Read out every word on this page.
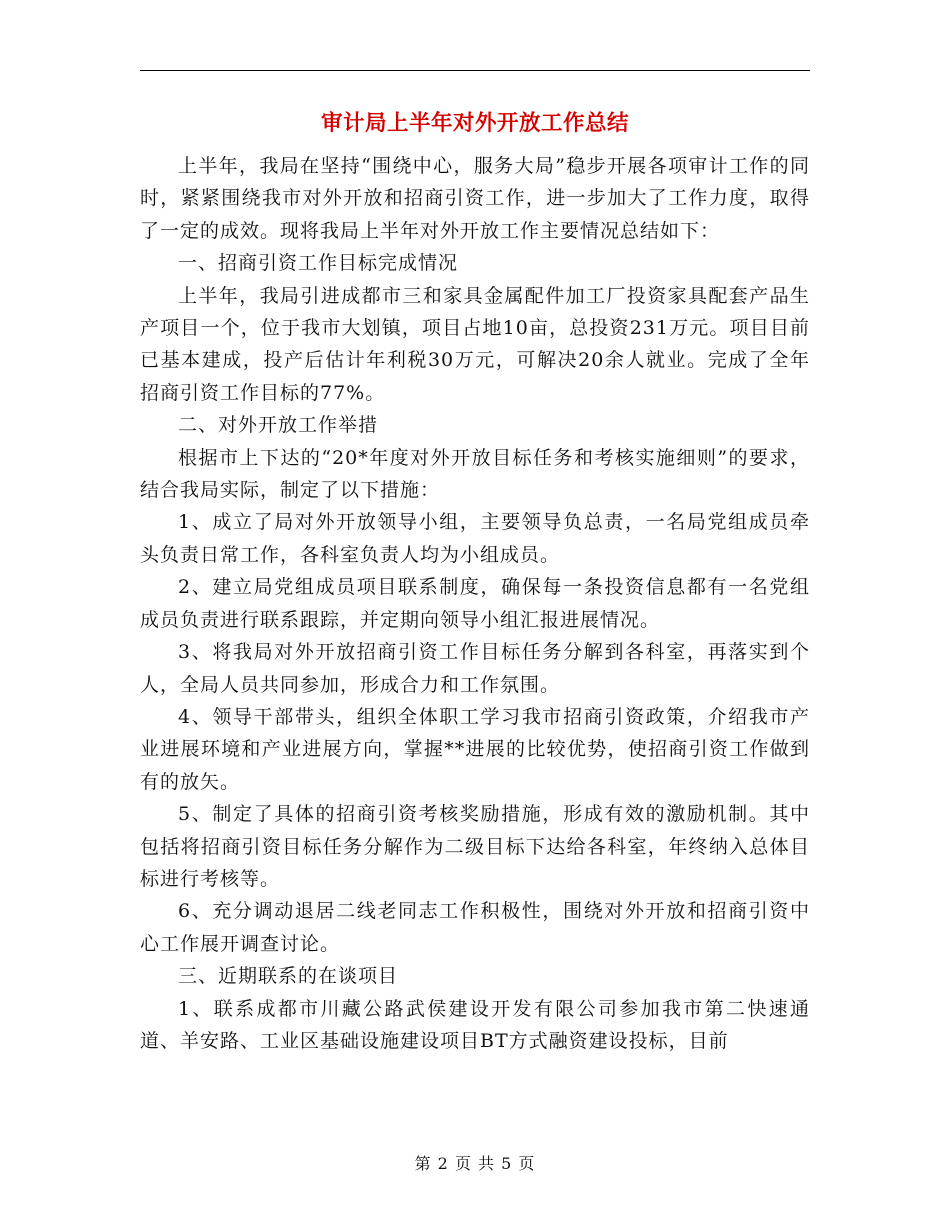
审计局上半年对外开放工作总结

上半年，我局在坚持“围绕中心，服务大局”稳步开展各项审计工作的同时，紧紧围绕我市对外开放和招商引资工作，进一步加大了工作力度，取得了一定的成效。现将我局上半年对外开放工作主要情况总结如下：

一、招商引资工作目标完成情况

上半年，我局引进成都市三和家具金属配件加工厂投资家具配套产品生产项目一个，位于我市大划镇，项目占地10亩，总投资231万元。项目目前已基本建成，投产后估计年利税30万元，可解决20余人就业。完成了全年招商引资工作目标的77%。

二、对外开放工作举措

根据市上下达的“20*年度对外开放目标任务和考核实施细则”的要求，结合我局实际，制定了以下措施：

1、成立了局对外开放领导小组，主要领导负总责，一名局党组成员牵头负责日常工作，各科室负责人均为小组成员。

2、建立局党组成员项目联系制度，确保每一条投资信息都有一名党组成员负责进行联系跟踪，并定期向领导小组汇报进展情况。

3、将我局对外开放招商引资工作目标任务分解到各科室，再落实到个人，全局人员共同参加，形成合力和工作氛围。

4、领导干部带头，组织全体职工学习我市招商引资政策，介绍我市产业进展环境和产业进展方向，掌握**进展的比较优势，使招商引资工作做到有的放矢。

5、制定了具体的招商引资考核奖励措施，形成有效的激励机制。其中包括将招商引资目标任务分解作为二级目标下达给各科室，年终纳入总体目标进行考核等。

6、充分调动退居二线老同志工作积极性，围绕对外开放和招商引资中心工作展开调查讨论。

三、近期联系的在谈项目

1、联系成都市川藏公路武侯建设开发有限公司参加我市第二快速通道、羊安路、工业区基础设施建设项目BT方式融资建设投标，目前

第 2 页 共 5 页
